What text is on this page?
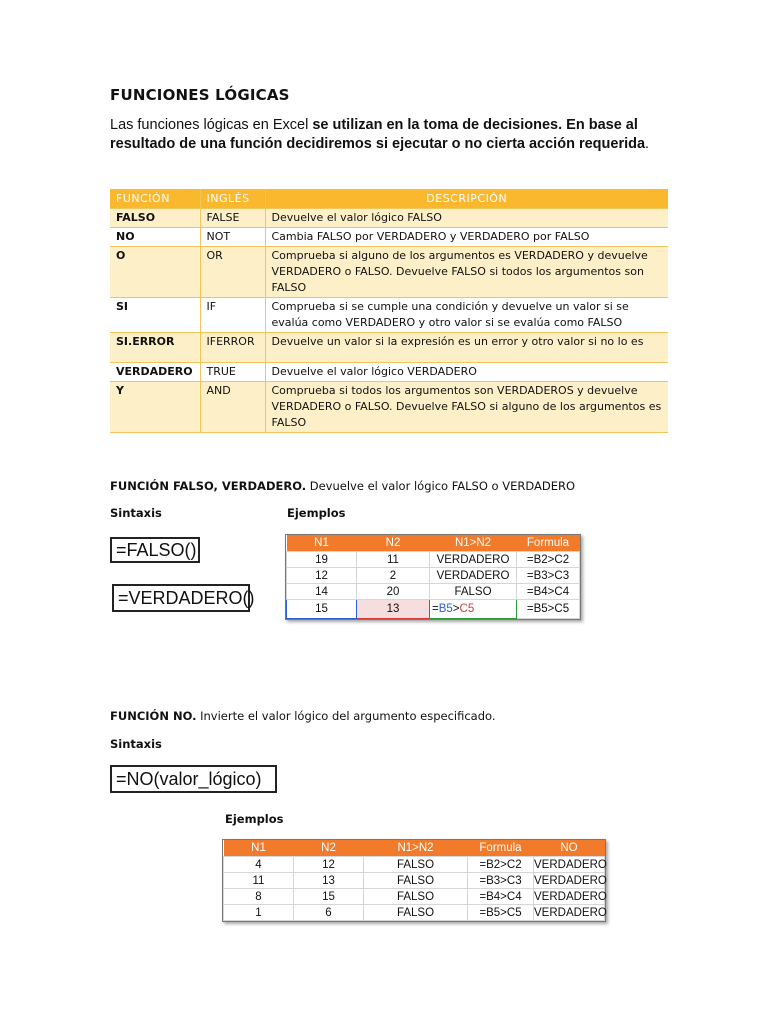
FUNCIONES LÓGICAS
Las funciones lógicas en Excel se utilizan en la toma de decisiones. En base al resultado de una función decidiremos si ejecutar o no cierta acción requerida.
FUNCIÓN	INGLÉS	DESCRIPCIÓN
FALSO	FALSE	Devuelve el valor lógico FALSO
NO	NOT	Cambia FALSO por VERDADERO y VERDADERO por FALSO
O	OR	Comprueba si alguno de los argumentos es VERDADERO y devuelve VERDADERO o FALSO. Devuelve FALSO si todos los argumentos son FALSO
SI	IF	Comprueba si se cumple una condición y devuelve un valor si se evalúa como VERDADERO y otro valor si se evalúa como FALSO
SI.ERROR	IFERROR	Devuelve un valor si la expresión es un error y otro valor si no lo es
VERDADERO	TRUE	Devuelve el valor lógico VERDADERO
Y	AND	Comprueba si todos los argumentos son VERDADEROS y devuelve VERDADERO o FALSO. Devuelve FALSO si alguno de los argumentos es FALSO
FUNCIÓN FALSO, VERDADERO. Devuelve el valor lógico FALSO o VERDADERO
Sintaxis	Ejemplos
=FALSO()
=VERDADERO()
N1	N2	N1>N2	Formula
19	11	VERDADERO	=B2>C2
12	2	VERDADERO	=B3>C3
14	20	FALSO	=B4>C4
15	13	=B5>C5	=B5>C5
FUNCIÓN NO. Invierte el valor lógico del argumento especificado.
Sintaxis
=NO(valor_lógico)
Ejemplos
N1	N2	N1>N2	Formula	NO
4	12	FALSO	=B2>C2	VERDADERO
11	13	FALSO	=B3>C3	VERDADERO
8	15	FALSO	=B4>C4	VERDADERO
1	6	FALSO	=B5>C5	VERDADERO
